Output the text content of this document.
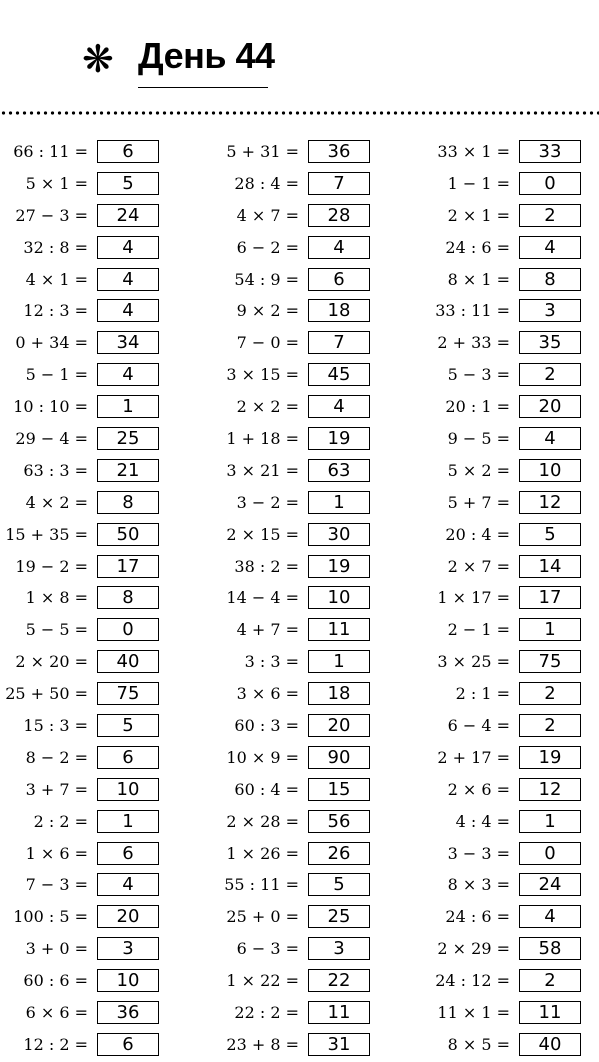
❋ День 44
66 : 11 =	6
5 × 1 =	5
27 − 3 =	24
32 : 8 =	4
4 × 1 =	4
12 : 3 =	4
0 + 34 =	34
5 − 1 =	4
10 : 10 =	1
29 − 4 =	25
63 : 3 =	21
4 × 2 =	8
15 + 35 =	50
19 − 2 =	17
1 × 8 =	8
5 − 5 =	0
2 × 20 =	40
25 + 50 =	75
15 : 3 =	5
8 − 2 =	6
3 + 7 =	10
2 : 2 =	1
1 × 6 =	6
7 − 3 =	4
100 : 5 =	20
3 + 0 =	3
60 : 6 =	10
6 × 6 =	36
12 : 2 =	6
5 + 31 =	36
28 : 4 =	7
4 × 7 =	28
6 − 2 =	4
54 : 9 =	6
9 × 2 =	18
7 − 0 =	7
3 × 15 =	45
2 × 2 =	4
1 + 18 =	19
3 × 21 =	63
3 − 2 =	1
2 × 15 =	30
38 : 2 =	19
14 − 4 =	10
4 + 7 =	11
3 : 3 =	1
3 × 6 =	18
60 : 3 =	20
10 × 9 =	90
60 : 4 =	15
2 × 28 =	56
1 × 26 =	26
55 : 11 =	5
25 + 0 =	25
6 − 3 =	3
1 × 22 =	22
22 : 2 =	11
23 + 8 =	31
33 × 1 =	33
1 − 1 =	0
2 × 1 =	2
24 : 6 =	4
8 × 1 =	8
33 : 11 =	3
2 + 33 =	35
5 − 3 =	2
20 : 1 =	20
9 − 5 =	4
5 × 2 =	10
5 + 7 =	12
20 : 4 =	5
2 × 7 =	14
1 × 17 =	17
2 − 1 =	1
3 × 25 =	75
2 : 1 =	2
6 − 4 =	2
2 + 17 =	19
2 × 6 =	12
4 : 4 =	1
3 − 3 =	0
8 × 3 =	24
24 : 6 =	4
2 × 29 =	58
24 : 12 =	2
11 × 1 =	11
8 × 5 =	40
